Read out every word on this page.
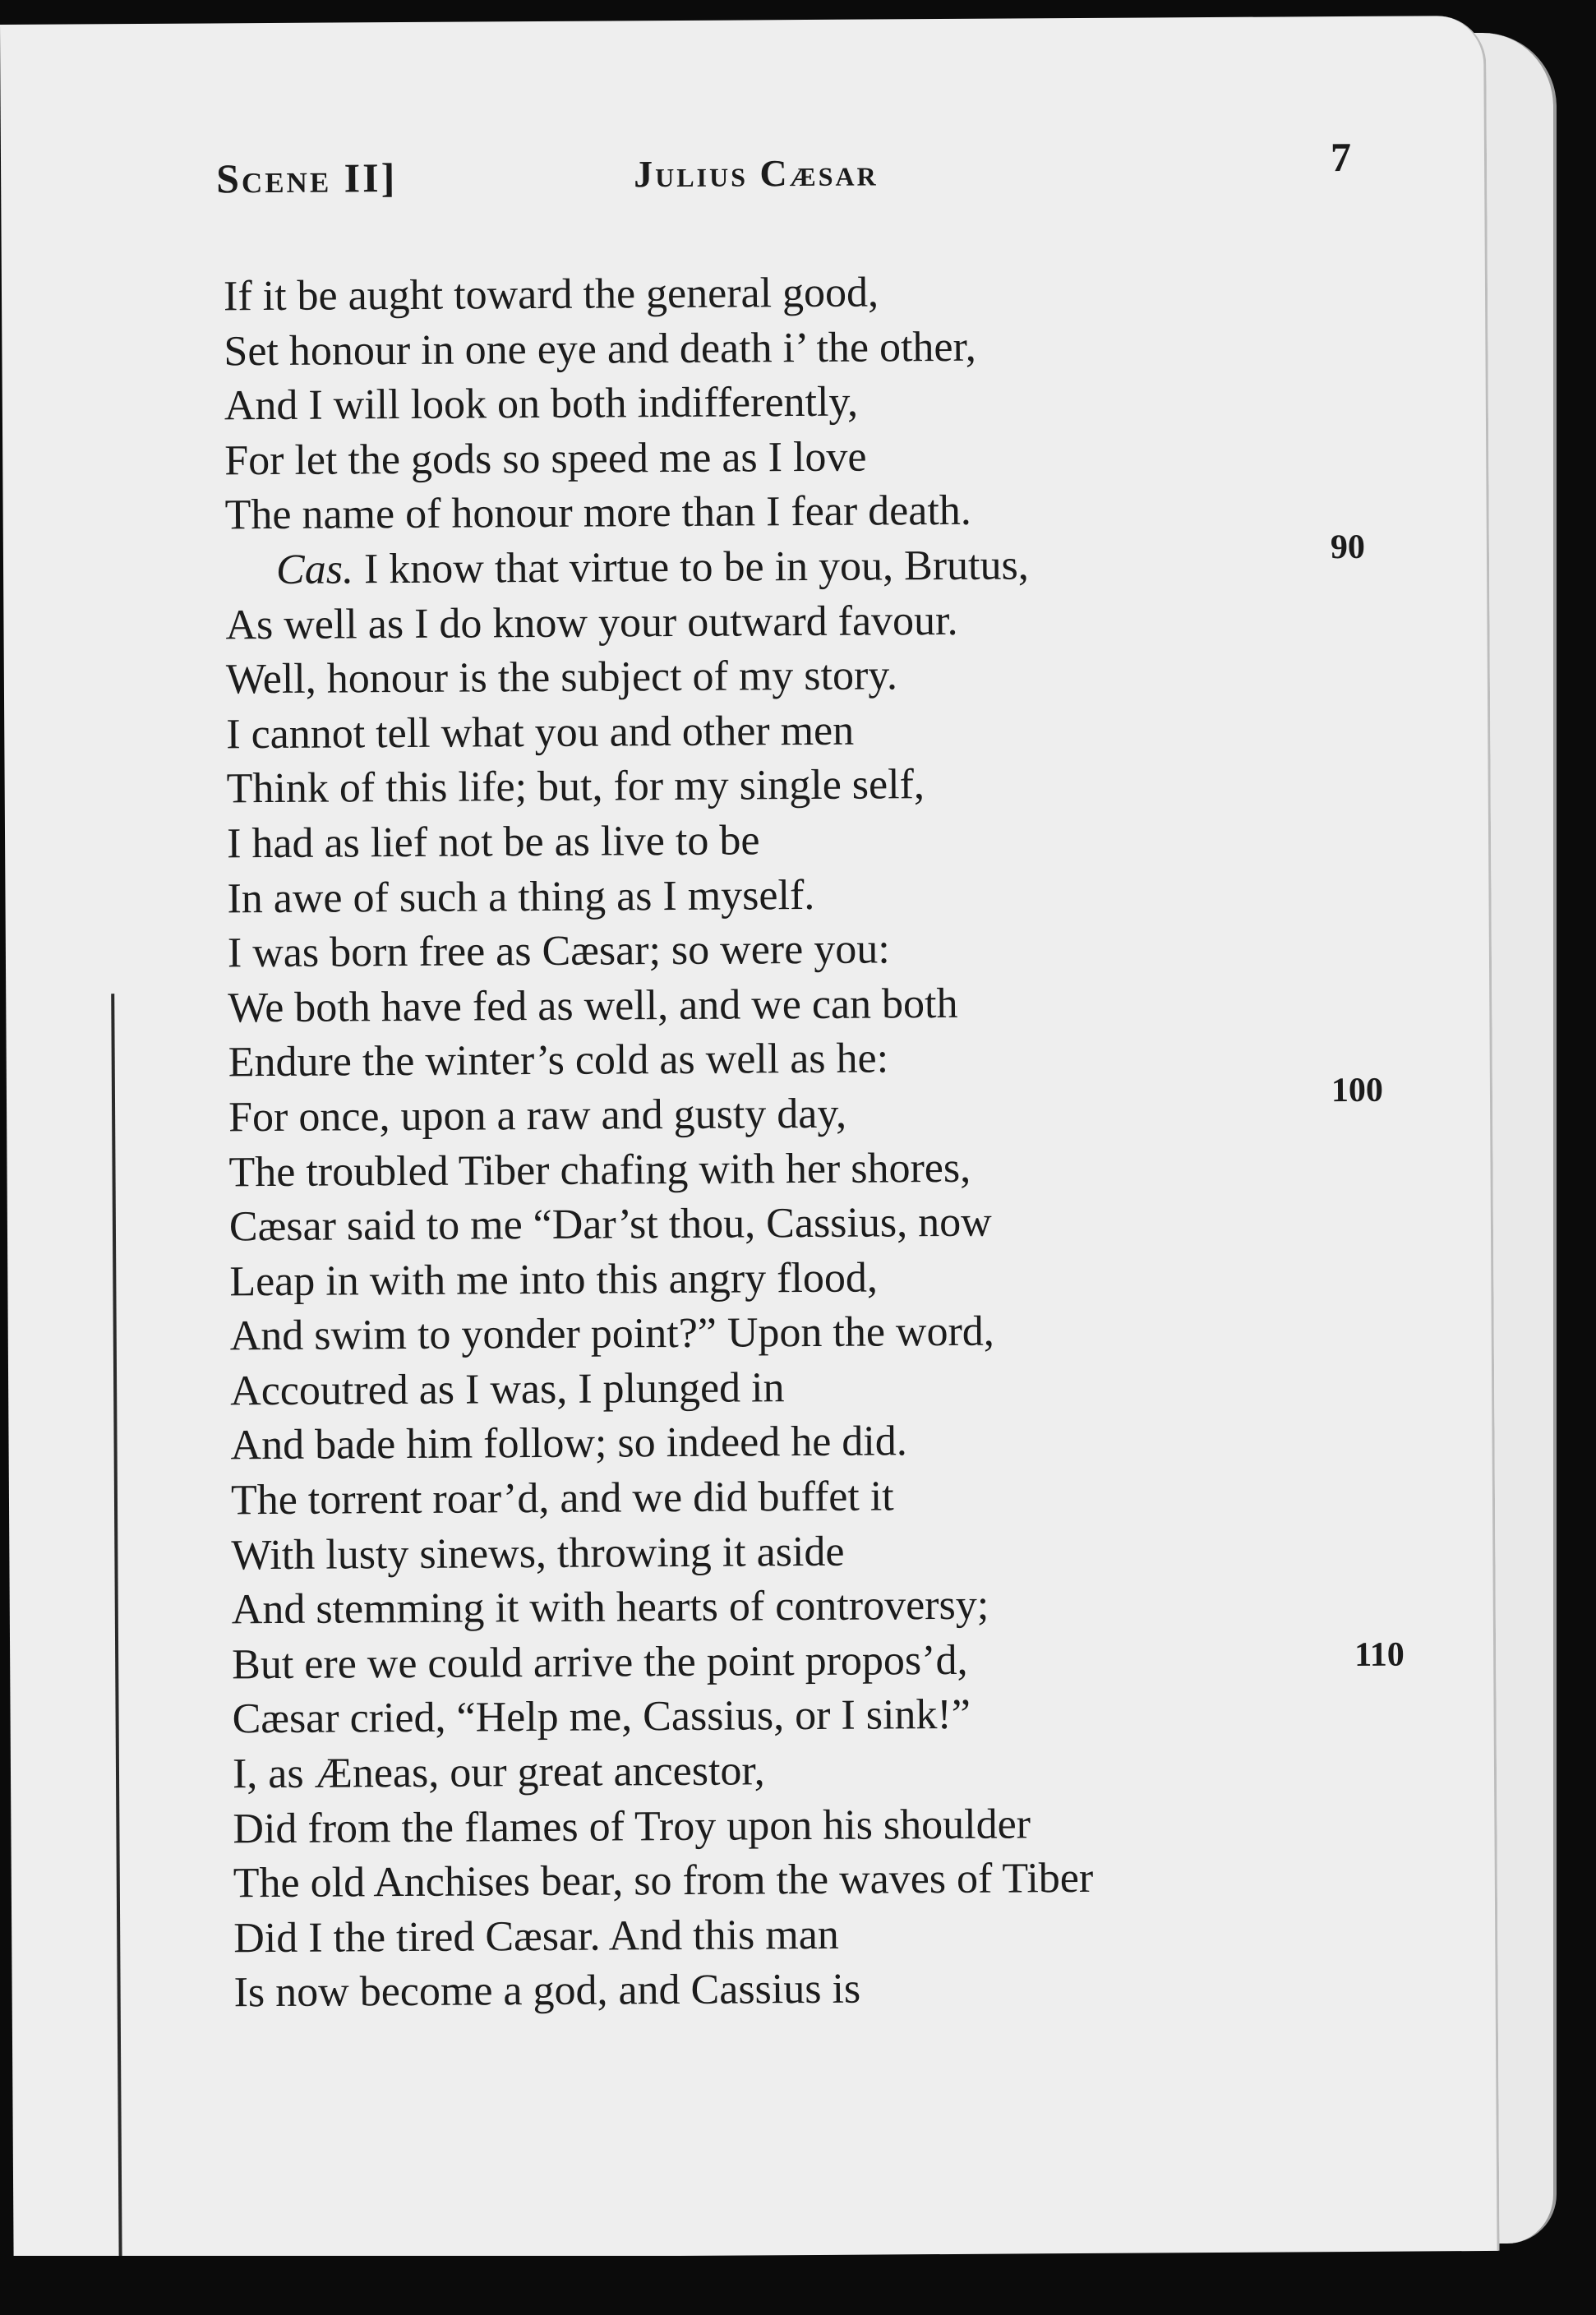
Scene II]	Julius Cæsar	7
If it be aught toward the general good,
Set honour in one eye and death i’ the other,
And I will look on both indifferently,
For let the gods so speed me as I love
The name of honour more than I fear death.
Cas. I know that virtue to be in you, Brutus,
As well as I do know your outward favour.
Well, honour is the subject of my story.
I cannot tell what you and other men
Think of this life; but, for my single self,
I had as lief not be as live to be
In awe of such a thing as I myself.
I was born free as Cæsar; so were you:
We both have fed as well, and we can both
Endure the winter’s cold as well as he:
For once, upon a raw and gusty day,
The troubled Tiber chafing with her shores,
Cæsar said to me “Dar’st thou, Cassius, now
Leap in with me into this angry flood,
And swim to yonder point?” Upon the word,
Accoutred as I was, I plunged in
And bade him follow; so indeed he did.
The torrent roar’d, and we did buffet it
With lusty sinews, throwing it aside
And stemming it with hearts of controversy;
But ere we could arrive the point propos’d,
Cæsar cried, “Help me, Cassius, or I sink!”
I, as Æneas, our great ancestor,
Did from the flames of Troy upon his shoulder
The old Anchises bear, so from the waves of Tiber
Did I the tired Cæsar. And this man
Is now become a god, and Cassius is
90
100
110
